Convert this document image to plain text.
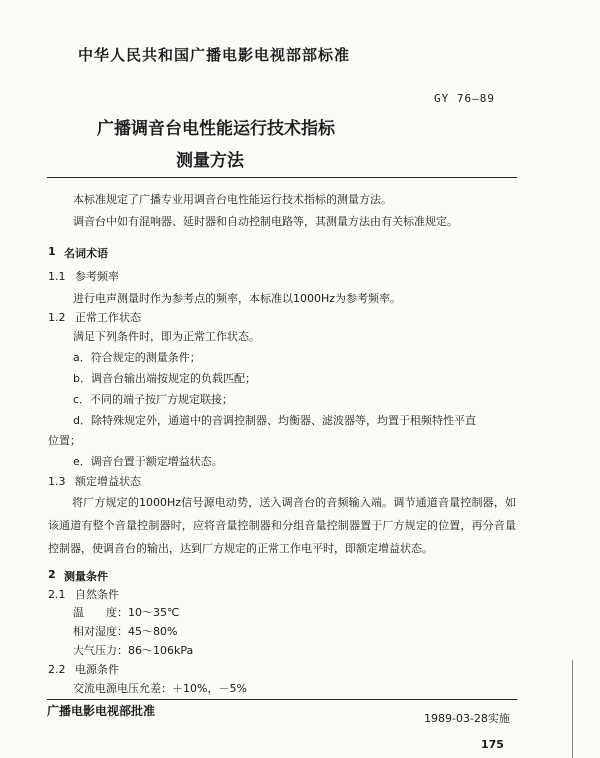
中华人民共和国广播电影电视部部标准
GY 76—89
广播调音台电性能运行技术指标
测量方法
本标准规定了广播专业用调音台电性能运行技术指标的测量方法。
调音台中如有混响器、延时器和自动控制电路等，其测量方法由有关标准规定。
1 名词术语
1.1 参考频率
进行电声测量时作为参考点的频率，本标准以1000Hz为参考频率。
1.2 正常工作状态
满足下列条件时，即为正常工作状态。
a．符合规定的测量条件；
b．调音台输出端按规定的负载匹配；
c．不同的端子按厂方规定联接；
d．除特殊规定外，通道中的音调控制器、均衡器、滤波器等，均置于租频特性平直
位置；
e．调音台置于额定增益状态。
1.3 额定增益状态
将厂方规定的1000Hz信号源电动势，送入调音台的音频输入端。调节通道音量控制器，如该通道有整个音量控制器时，应将音量控制器和分组音量控制器置于厂方规定的位置，再分音量控制器，使调音台的输出，达到厂方规定的正常工作电平时，即额定增益状态。
2 测量条件
2.1 自然条件
温　　度：10～35℃
相对湿度：45～80%
大气压力：86～106kPa
2.2 电源条件
交流电源电压允差：＋10%，－5%
广播电影电视部批准
1989-03-28实施
175
